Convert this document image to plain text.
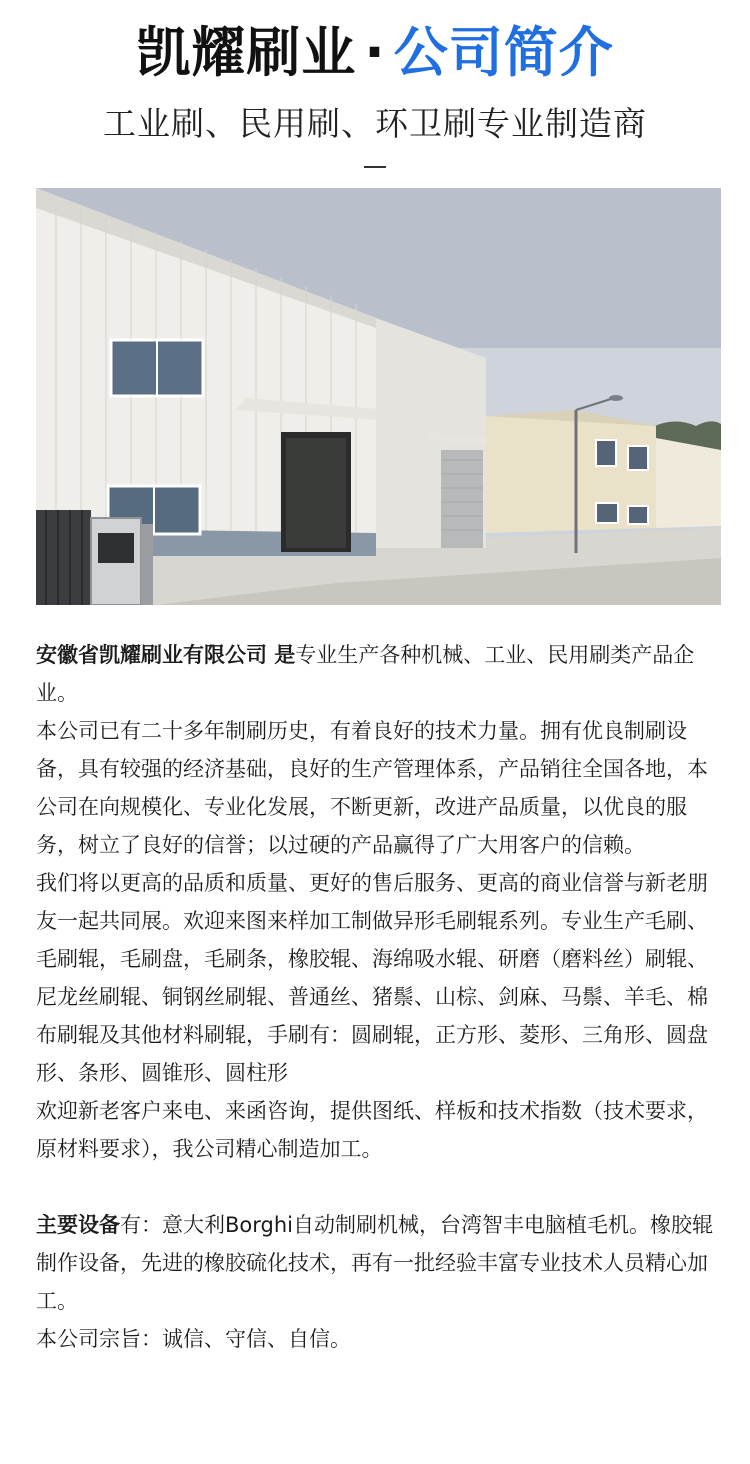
凯耀刷业 · 公司简介
工业刷、民用刷、环卫刷专业制造商

安徽省凯耀刷业有限公司 是专业生产各种机械、工业、民用刷类产品企业。

本公司已有二十多年制刷历史，有着良好的技术力量。拥有优良制刷设备，具有较强的经济基础，良好的生产管理体系，产品销往全国各地，本公司在向规模化、专业化发展，不断更新，改进产品质量，以优良的服务，树立了良好的信誉；以过硬的产品赢得了广大用客户的信赖。

我们将以更高的品质和质量、更好的售后服务、更高的商业信誉与新老朋友一起共同展。欢迎来图来样加工制做异形毛刷辊系列。专业生产毛刷、毛刷辊，毛刷盘，毛刷条，橡胶辊、海绵吸水辊、研磨（磨料丝）刷辊、尼龙丝刷辊、铜钢丝刷辊、普通丝、猪鬃、山棕、剑麻、马鬃、羊毛、棉布刷辊及其他材料刷辊，手刷有：圆刷辊，正方形、菱形、三角形、圆盘形、条形、圆锥形、圆柱形

欢迎新老客户来电、来函咨询，提供图纸、样板和技术指数（技术要求，原材料要求），我公司精心制造加工。

主要设备有：意大利Borghi自动制刷机械，台湾智丰电脑植毛机。橡胶辊制作设备，先进的橡胶硫化技术，再有一批经验丰富专业技术人员精心加工。

本公司宗旨：诚信、守信、自信。
